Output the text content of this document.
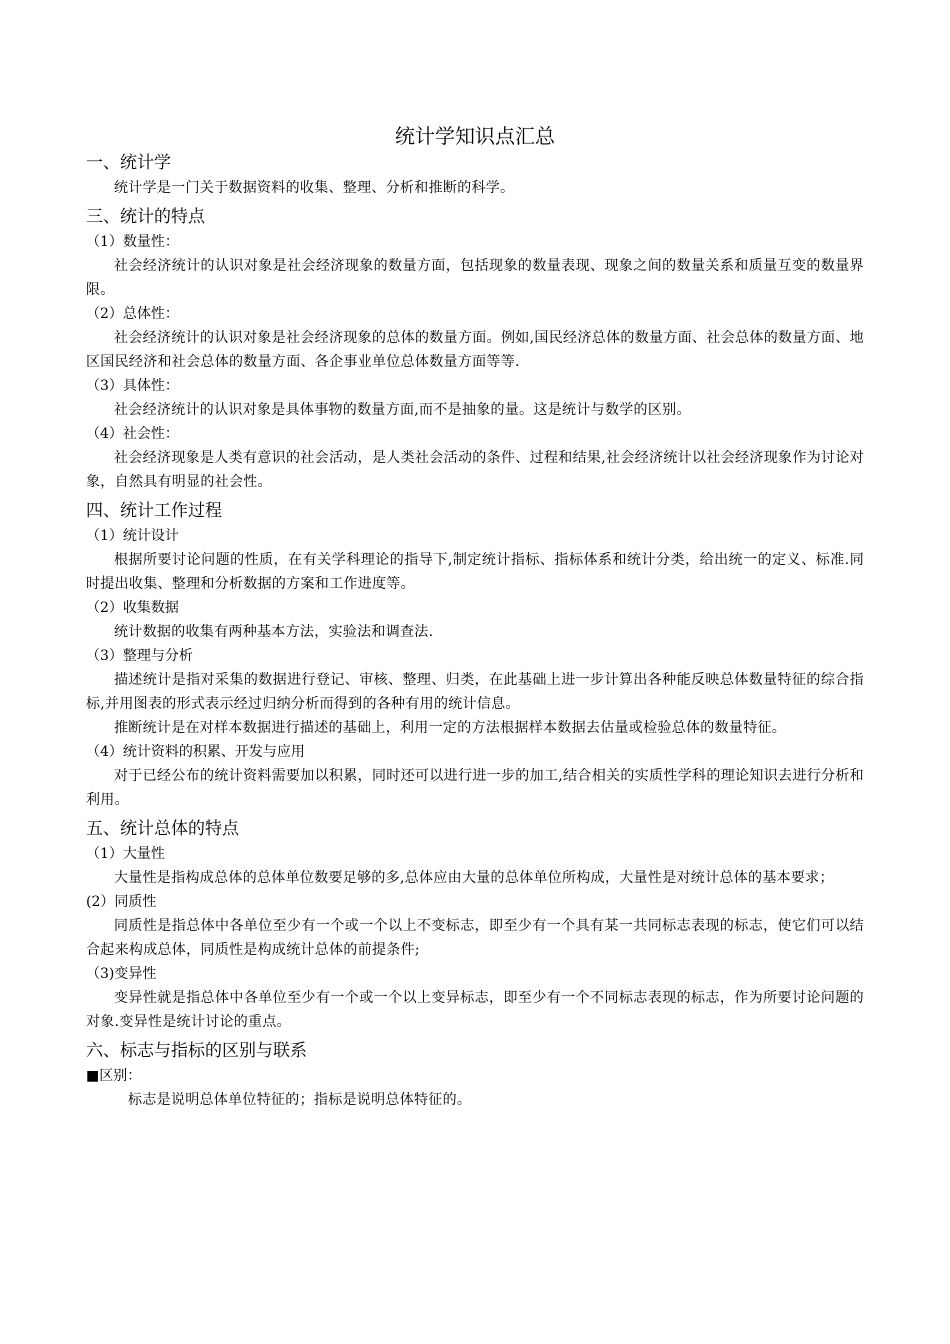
统计学知识点汇总
一、统计学

统计学是一门关于数据资料的收集、整理、分析和推断的科学。

三、统计的特点
（1）数量性：

社会经济统计的认识对象是社会经济现象的数量方面，包括现象的数量表现、现象之间的数量关系和质量互变的数量界限。

（2）总体性：

社会经济统计的认识对象是社会经济现象的总体的数量方面。例如,国民经济总体的数量方面、社会总体的数量方面、地区国民经济和社会总体的数量方面、各企事业单位总体数量方面等等.

（3）具体性：

社会经济统计的认识对象是具体事物的数量方面,而不是抽象的量。这是统计与数学的区别。

（4）社会性：

社会经济现象是人类有意识的社会活动，是人类社会活动的条件、过程和结果,社会经济统计以社会经济现象作为讨论对象，自然具有明显的社会性。

四、统计工作过程
（1）统计设计

根据所要讨论问题的性质，在有关学科理论的指导下,制定统计指标、指标体系和统计分类，给出统一的定义、标准.同时提出收集、整理和分析数据的方案和工作进度等。

（2）收集数据

统计数据的收集有两种基本方法，实验法和调查法.

（3）整理与分析

描述统计是指对采集的数据进行登记、审核、整理、归类，在此基础上进一步计算出各种能反映总体数量特征的综合指标,并用图表的形式表示经过归纳分析而得到的各种有用的统计信息。

推断统计是在对样本数据进行描述的基础上，利用一定的方法根据样本数据去估量或检验总体的数量特征。

（4）统计资料的积累、开发与应用

对于已经公布的统计资料需要加以积累，同时还可以进行进一步的加工,结合相关的实质性学科的理论知识去进行分析和利用。

五、统计总体的特点
（1）大量性

大量性是指构成总体的总体单位数要足够的多,总体应由大量的总体单位所构成，大量性是对统计总体的基本要求；

(2）同质性

同质性是指总体中各单位至少有一个或一个以上不变标志，即至少有一个具有某一共同标志表现的标志，使它们可以结合起来构成总体，同质性是构成统计总体的前提条件;

（3)变异性

变异性就是指总体中各单位至少有一个或一个以上变异标志，即至少有一个不同标志表现的标志，作为所要讨论问题的对象.变异性是统计讨论的重点。

六、标志与指标的区别与联系
■区别：

标志是说明总体单位特征的；指标是说明总体特征的。
